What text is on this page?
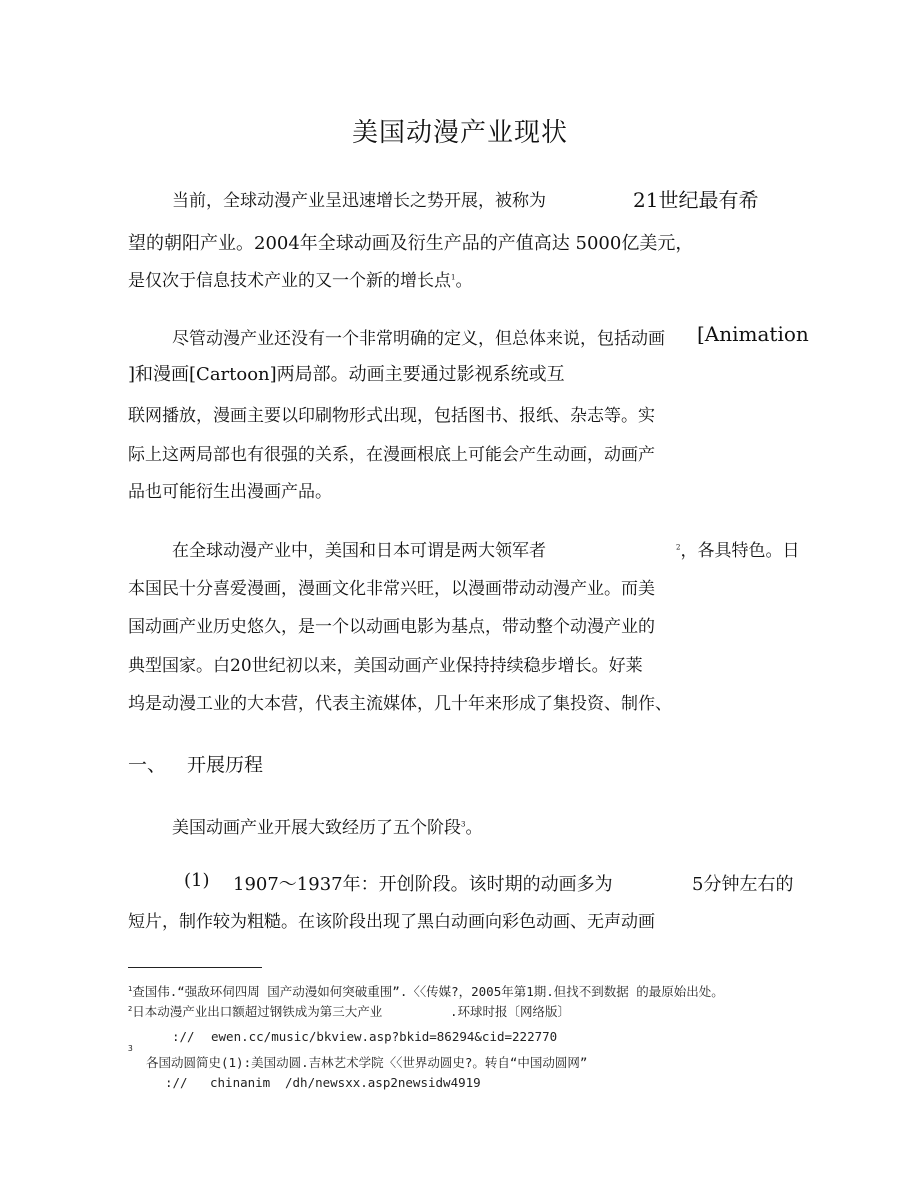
美国动漫产业现状
当前，全球动漫产业呈迅速增长之势开展，被称为	21世纪最有希
望的朝阳产业。2004年全球动画及衍生产品的产值高达 5000亿美元，
是仅次于信息技术产业的又一个新的增长点$^1$。
尽管动漫产业还没有一个非常明确的定义，但总体来说，包括动画 [Animation
]和漫画[Cartoon]两局部。动画主要通过影视系统或互
联网播放，漫画主要以印刷物形式出现，包括图书、报纸、杂志等。实
际上这两局部也有很强的关系，在漫画根底上可能会产生动画，动画产
品也可能衍生出漫画产品。
在全球动漫产业中，美国和日本可谓是两大领军者	$^2$，各具特色。日
本国民十分喜爱漫画，漫画文化非常兴旺，以漫画带动动漫产业。而美
国动画产业历史悠久，是一个以动画电影为基点，带动整个动漫产业的
典型国家。白20世纪初以来，美国动画产业保持持续稳步增长。好莱
坞是动漫工业的大本营，代表主流媒体，几十年来形成了集投资、制作、
一、 开展历程
美国动画产业开展大致经历了五个阶段$^3$。
(1) 1907～1937年：开创阶段。该时期的动画多为	5分钟左右的
短片，制作较为粗糙。在该阶段出现了黑白动画向彩色动画、无声动画
$^1$查国伟.“强敌环伺四周 国产动漫如何突破重围”.〈〈传媒?，2005年第1期.但找不到数据 的最原始出处。
$^2$日本动漫产业出口额超过钢铁成为第三大产业	.环球时报〔网络版〕
:// ewen.cc/music/bkview.asp?bkid=86294&cid=222770
3
各国动圆简史(1):美国动圆.吉林艺术学院〈〈世界动圆史?。转自“中国动圆网”
:// chinanim /dh/newsxx.asp2newsidw4919
